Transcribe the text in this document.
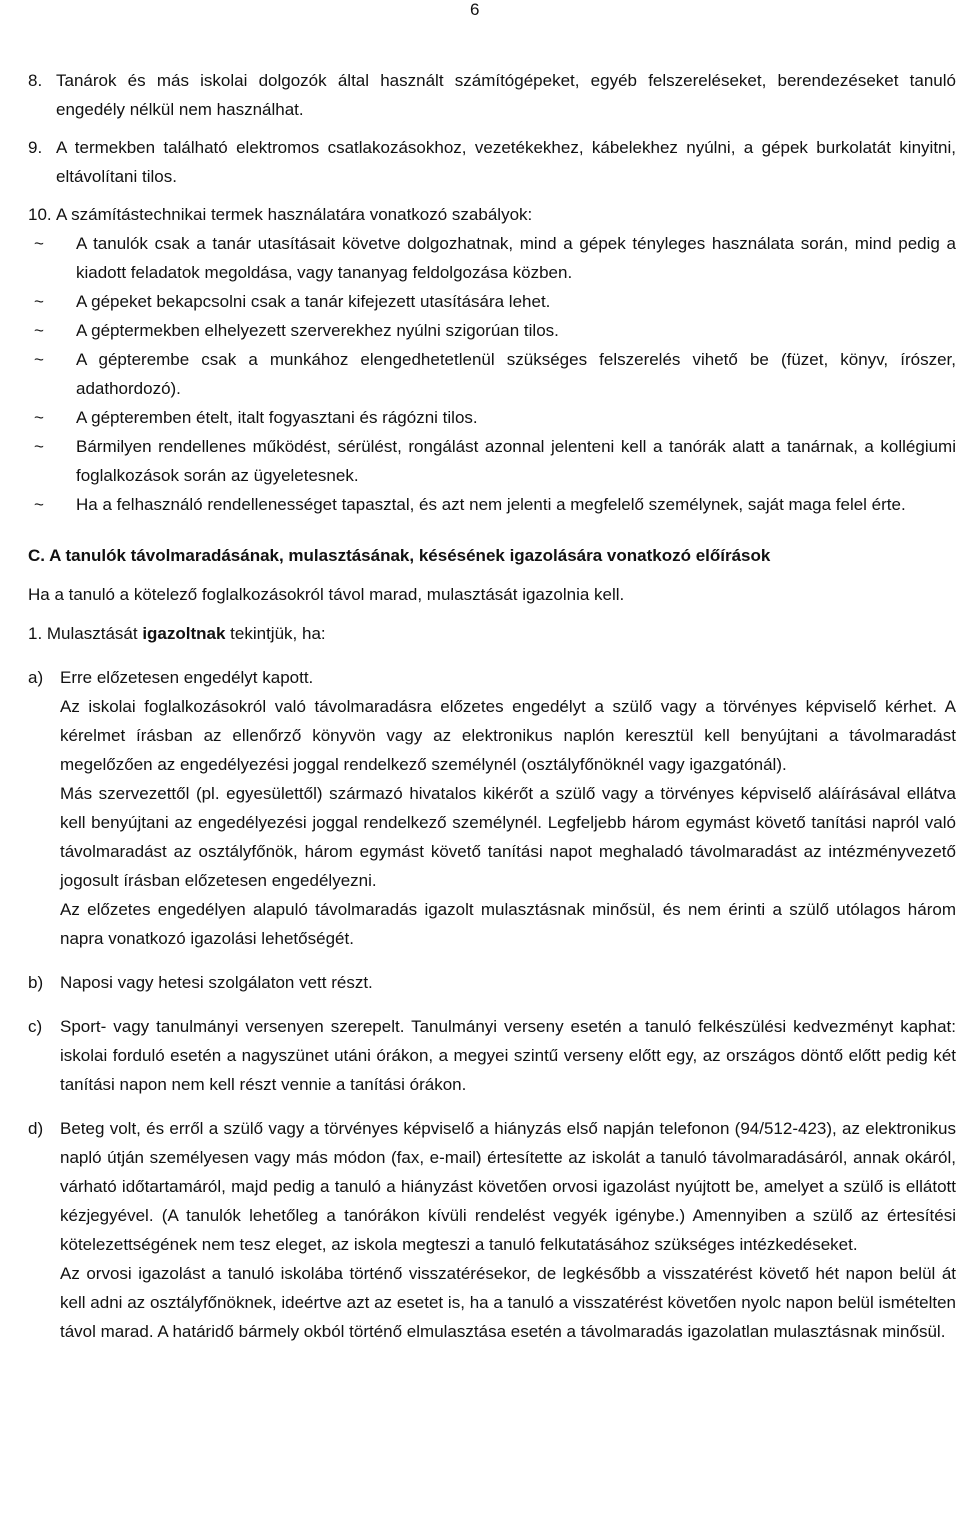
6
8. Tanárok és más iskolai dolgozók által használt számítógépeket, egyéb felszereléseket, berendezéseket tanuló engedély nélkül nem használhat.
9. A termekben található elektromos csatlakozásokhoz, vezetékekhez, kábelekhez nyúlni, a gépek burkolatát kinyitni, eltávolítani tilos.
10. A számítástechnikai termek használatára vonatkozó szabályok:
~ A tanulók csak a tanár utasításait követve dolgozhatnak, mind a gépek tényleges használata során, mind pedig a kiadott feladatok megoldása, vagy tananyag feldolgozása közben.
~ A gépeket bekapcsolni csak a tanár kifejezett utasítására lehet.
~ A géptermekben elhelyezett szerverekhez nyúlni szigorúan tilos.
~ A gépterembe csak a munkához elengedhetetlenül szükséges felszerelés vihető be (füzet, könyv, írószer, adathordozó).
~ A gépteremben ételt, italt fogyasztani és rágózni tilos.
~ Bármilyen rendellenes működést, sérülést, rongálást azonnal jelenteni kell a tanórák alatt a tanárnak, a kollégiumi foglalkozások során az ügyeletesnek.
~ Ha a felhasználó rendellenességet tapasztal, és azt nem jelenti a megfelelő személynek, saját maga felel érte.
C. A tanulók távolmaradásának, mulasztásának, késésének igazolására vonatkozó előírások
Ha a tanuló a kötelező foglalkozásokról távol marad, mulasztását igazolnia kell.
1. Mulasztását igazoltnak tekintjük, ha:
a) Erre előzetesen engedélyt kapott.
Az iskolai foglalkozásokról való távolmaradásra előzetes engedélyt a szülő vagy a törvényes képviselő kérhet. A kérelmet írásban az ellenőrző könyvön vagy az elektronikus naplón keresztül kell benyújtani a távolmaradást megelőzően az engedélyezési joggal rendelkező személynél (osztályfőnöknél vagy igazgatónál).
Más szervezettől (pl. egyesülettől) származó hivatalos kikérőt a szülő vagy a törvényes képviselő aláírásával ellátva kell benyújtani az engedélyezési joggal rendelkező személynél. Legfeljebb három egymást követő tanítási napról való távolmaradást az osztályfőnök, három egymást követő tanítási napot meghaladó távolmaradást az intézményvezető jogosult írásban előzetesen engedélyezni.
Az előzetes engedélyen alapuló távolmaradás igazolt mulasztásnak minősül, és nem érinti a szülő utólagos három napra vonatkozó igazolási lehetőségét.
b) Naposi vagy hetesi szolgálaton vett részt.
c) Sport- vagy tanulmányi versenyen szerepelt. Tanulmányi verseny esetén a tanuló felkészülési kedvezményt kaphat: iskolai forduló esetén a nagyszünet utáni órákon, a megyei szintű verseny előtt egy, az országos döntő előtt pedig két tanítási napon nem kell részt vennie a tanítási órákon.
d) Beteg volt, és erről a szülő vagy a törvényes képviselő a hiányzás első napján telefonon (94/512-423), az elektronikus napló útján személyesen vagy más módon (fax, e-mail) értesítette az iskolát a tanuló távolmaradásáról, annak okáról, várható időtartamáról, majd pedig a tanuló a hiányzást követően orvosi igazolást nyújtott be, amelyet a szülő is ellátott kézjegyével. (A tanulók lehetőleg a tanórákon kívüli rendelést vegyék igénybe.) Amennyiben a szülő az értesítési kötelezettségének nem tesz eleget, az iskola megteszi a tanuló felkutatásához szükséges intézkedéseket.
Az orvosi igazolást a tanuló iskolába történő visszatérésekor, de legkésőbb a visszatérést követő hét napon belül át kell adni az osztályfőnöknek, ideértve azt az esetet is, ha a tanuló a visszatérést követően nyolc napon belül ismételten távol marad. A határidő bármely okból történő elmulasztása esetén a távolmaradás igazolatlan mulasztásnak minősül.
